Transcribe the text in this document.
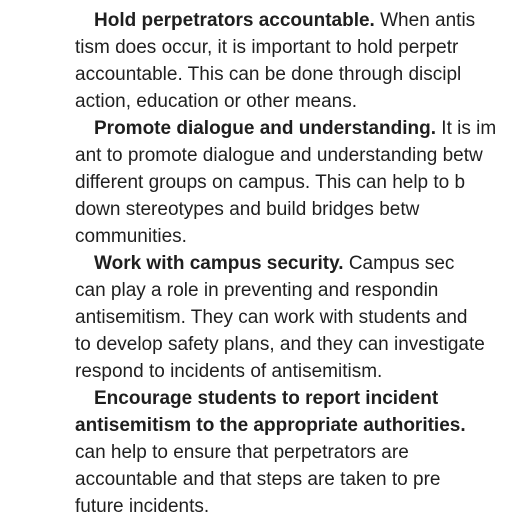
Hold perpetrators accountable. When antis
tism does occur, it is important to hold perpetr
accountable. This can be done through discipl
action, education or other means.
Promote dialogue and understanding. It is im
ant to promote dialogue and understanding betw
different groups on campus. This can help to b
down stereotypes and build bridges betw
communities.
Work with campus security. Campus sec
can play a role in preventing and respondin
antisemitism. They can work with students and
to develop safety plans, and they can investigate
respond to incidents of antisemitism.
Encourage students to report incident
antisemitism to the appropriate authorities.
can help to ensure that perpetrators are
accountable and that steps are taken to pre
future incidents.
